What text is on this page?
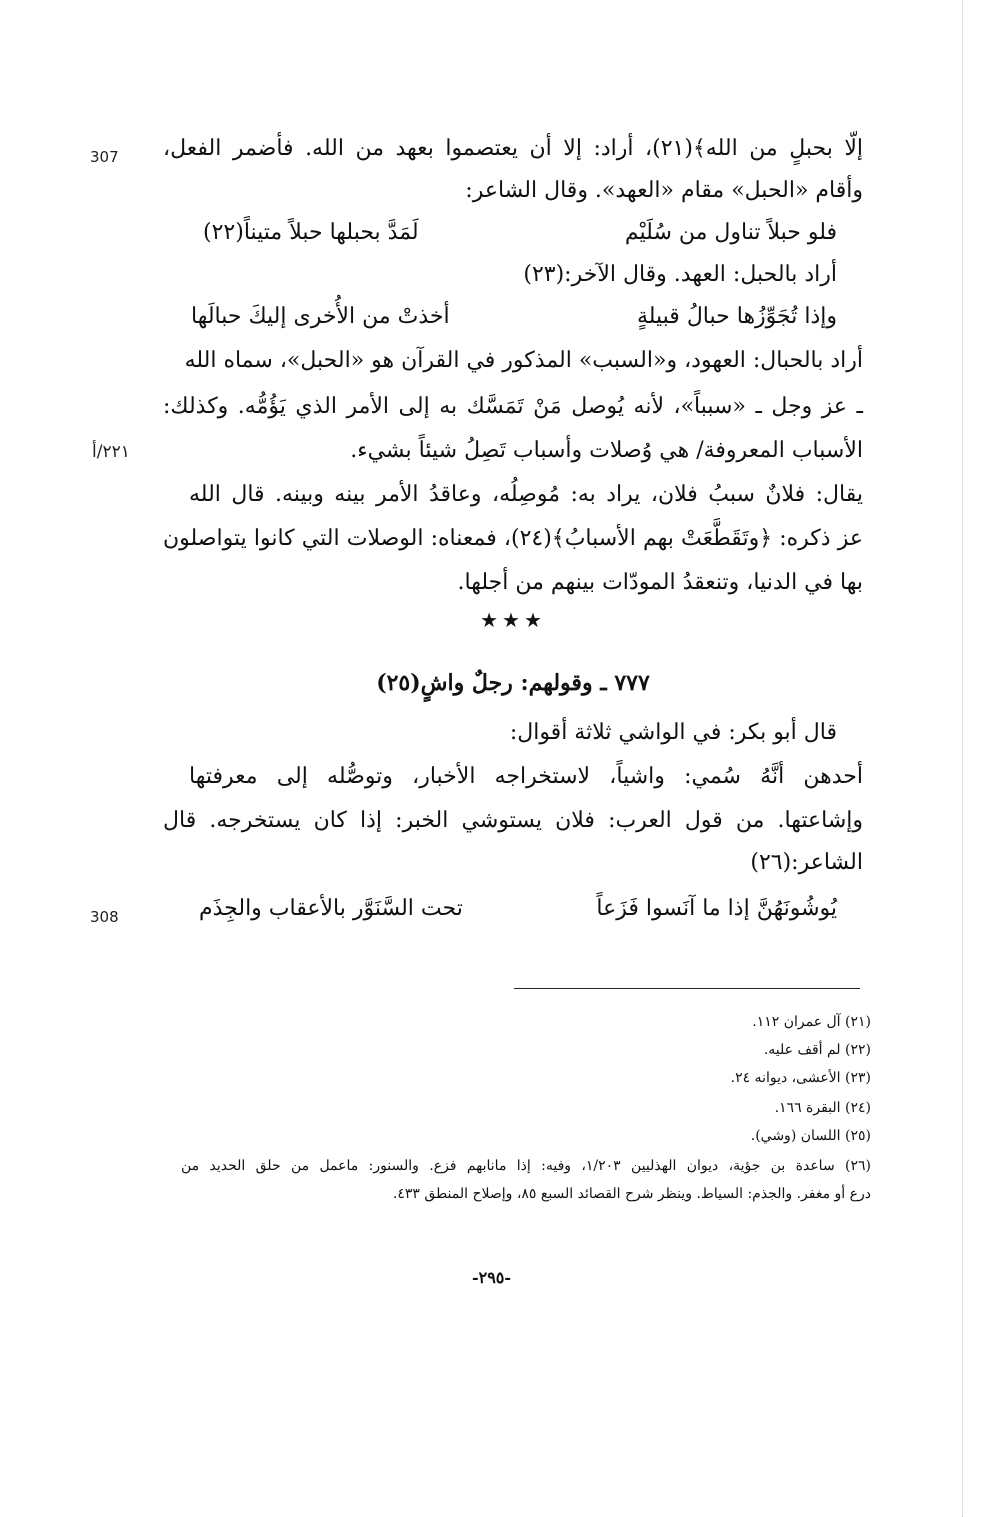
307
٢٢١/أ
308
إلّا بحبلٍ من الله﴾(٢١)، أراد: إلا أن يعتصموا بعهد من الله. فأضمر الفعل،
وأقام «الحبل» مقام «العهد». وقال الشاعر:
فلو حبلاً تناول من سُلَيْم
لَمَدَّ بحبلها حبلاً متيناً(٢٢)
أراد بالحبل: العهد. وقال الآخر:(٢٣)
وإذا تُجَوِّزُها حبالُ قبيلةٍ
أخذتْ من الأُخرى إليكَ حبالَها
أراد بالحبال: العهود، و«السبب» المذكور في القرآن هو «الحبل»، سماه الله
ـ عز وجل ـ «سبباً»، لأنه يُوصل مَنْ تَمَسَّك به إلى الأمر الذي يَؤُمُّه. وكذلك:
الأسباب المعروفة/ هي وُصلات وأسباب تَصِلُ شيئاً بشيء.
يقال: فلانٌ سببُ فلان، يراد به: مُوصِلُه، وعاقدُ الأمر بينه وبينه. قال الله
عز ذكره: ﴿وتَقَطَّعَتْ بهم الأسبابُ﴾(٢٤)، فمعناه: الوصلات التي كانوا يتواصلون
بها في الدنيا، وتنعقدُ المودّات بينهم من أجلها.
قال أبو بكر: في الواشي ثلاثة أقوال:
أحدهن أنَّهُ سُمي: واشياً، لاستخراجه الأخبار، وتوصُّله إلى معرفتها
وإشاعتها. من قول العرب: فلان يستوشي الخبر: إذا كان يستخرجه. قال
الشاعر:(٢٦)
يُوشُونَهُنَّ إذا ما آنَسوا فَزَعاً
تحت السَّنَوَّر بالأعقاب والجِذَم
★★★
٧٧٧ ـ وقولهم: رجلٌ واشٍ(٢٥)
(٢١) آل عمران ١١٢.
(٢٢) لم أقف عليه.
(٢٣) الأعشى، ديوانه ٢٤.
(٢٤) البقرة ١٦٦.
(٢٥) اللسان (وشي).
(٢٦) ساعدة بن جؤية، ديوان الهذليين ١/٢٠٣، وفيه: إذا مانابهم فزع. والسنور: ماعمل من حلق الحديد من
درع أو مغفر. والجذم: السياط. وينظر شرح القصائد السبع ٨٥، وإصلاح المنطق ٤٣٣.
-٢٩٥-
